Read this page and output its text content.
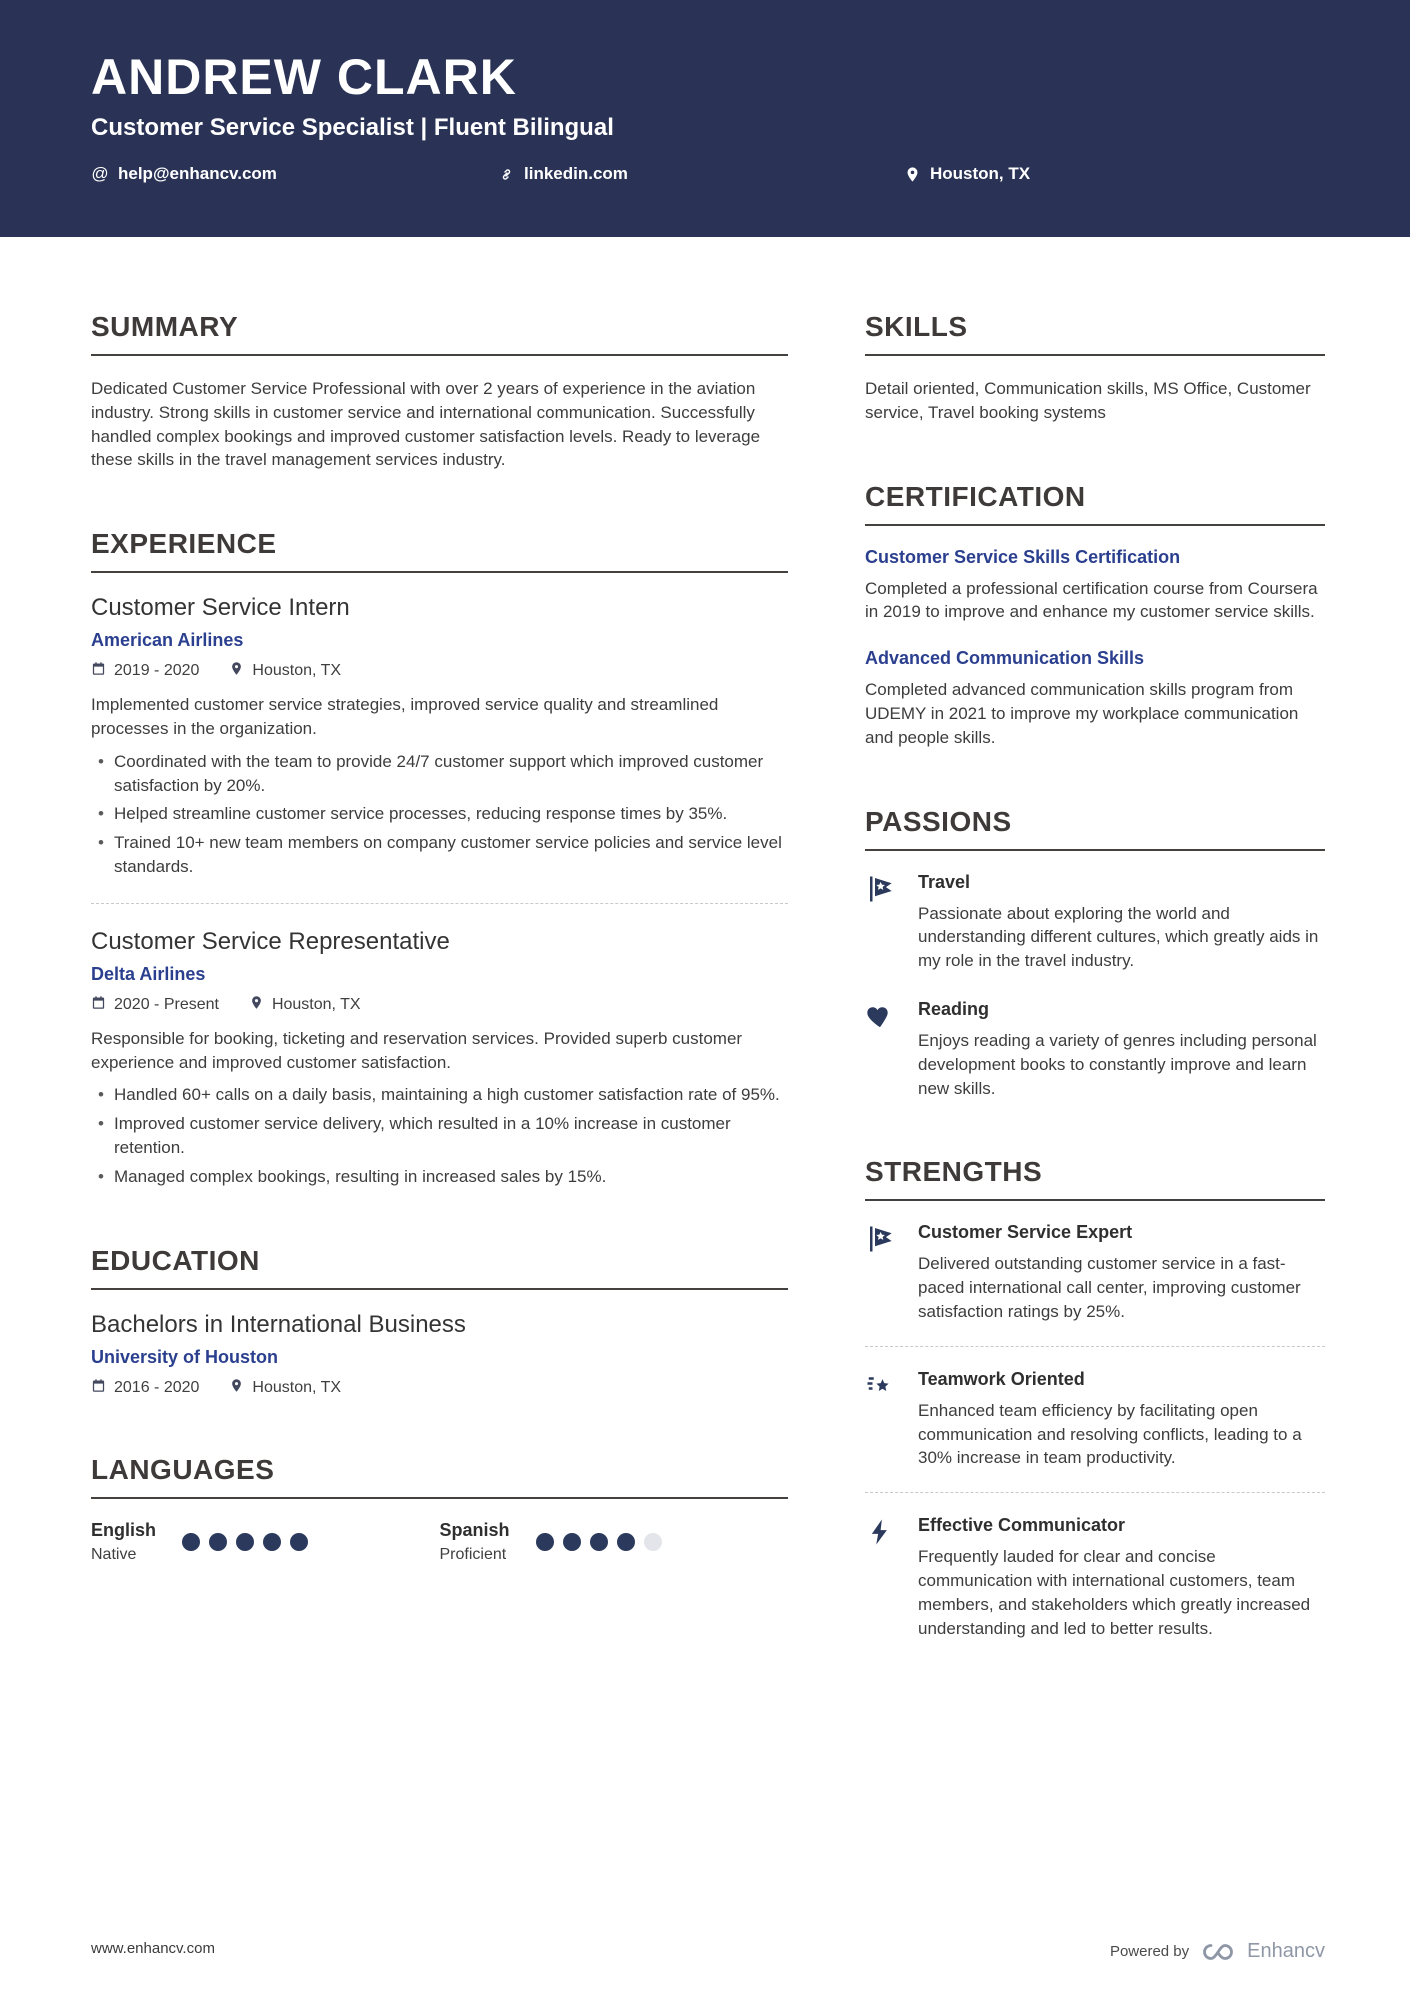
ANDREW CLARK
Customer Service Specialist | Fluent Bilingual
@ help@enhancv.com	linkedin.com	Houston, TX
SUMMARY

Dedicated Customer Service Professional with over 2 years of experience in the aviation industry. Strong skills in customer service and international communication. Successfully handled complex bookings and improved customer satisfaction levels. Ready to leverage these skills in the travel management services industry.

EXPERIENCE
Customer Service Intern
American Airlines
2019 - 2020	Houston, TX

Implemented customer service strategies, improved service quality and streamlined processes in the organization.

• Coordinated with the team to provide 24/7 customer support which improved customer satisfaction by 20%.
• Helped streamline customer service processes, reducing response times by 35%.
• Trained 10+ new team members on company customer service policies and service level standards.
Customer Service Representative
Delta Airlines
2020 - Present	Houston, TX

Responsible for booking, ticketing and reservation services. Provided superb customer experience and improved customer satisfaction.

• Handled 60+ calls on a daily basis, maintaining a high customer satisfaction rate of 95%.
• Improved customer service delivery, which resulted in a 10% increase in customer retention.
• Managed complex bookings, resulting in increased sales by 15%.
EDUCATION
Bachelors in International Business
University of Houston
2016 - 2020	Houston, TX
LANGUAGES
English
Native
Spanish
Proficient
SKILLS

Detail oriented, Communication skills, MS Office, Customer service, Travel booking systems

CERTIFICATION
Customer Service Skills Certification

Completed a professional certification course from Coursera in 2019 to improve and enhance my customer service skills.

Advanced Communication Skills

Completed advanced communication skills program from UDEMY in 2021 to improve my workplace communication and people skills.

PASSIONS
Travel

Passionate about exploring the world and understanding different cultures, which greatly aids in my role in the travel industry.

Reading

Enjoys reading a variety of genres including personal development books to constantly improve and learn new skills.

STRENGTHS
Customer Service Expert

Delivered outstanding customer service in a fast-paced international call center, improving customer satisfaction ratings by 25%.

Teamwork Oriented

Enhanced team efficiency by facilitating open communication and resolving conflicts, leading to a 30% increase in team productivity.

Effective Communicator

Frequently lauded for clear and concise communication with international customers, team members, and stakeholders which greatly increased understanding and led to better results.

www.enhancv.com	Powered by	Enhancv
